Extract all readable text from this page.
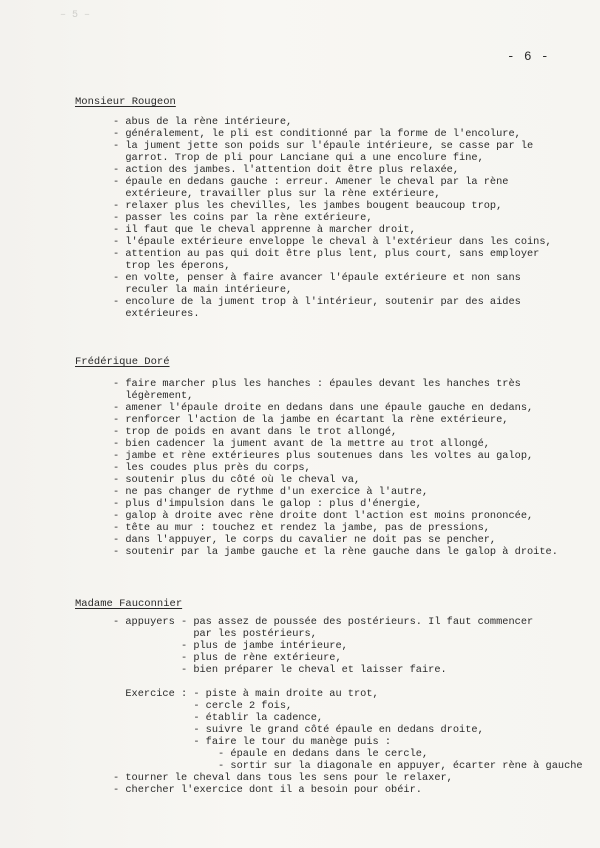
– 5 –
- 6 -
Monsieur Rougeon
- abus de la rène intérieure,
- généralement, le pli est conditionné par la forme de l'encolure,
- la jument jette son poids sur l'épaule intérieure, se casse par le
garrot. Trop de pli pour Lanciane qui a une encolure fine,
- action des jambes. l'attention doit être plus relaxée,
- épaule en dedans gauche : erreur. Amener le cheval par la rène
extérieure, travailler plus sur la rène extérieure,
- relaxer plus les chevilles, les jambes bougent beaucoup trop,
- passer les coins par la rène extérieure,
- il faut que le cheval apprenne à marcher droit,
- l'épaule extérieure enveloppe le cheval à l'extérieur dans les coins,
- attention au pas qui doit être plus lent, plus court, sans employer
trop les éperons,
- en volte, penser à faire avancer l'épaule extérieure et non sans
reculer la main intérieure,
- encolure de la jument trop à l'intérieur, soutenir par des aides
extérieures.
Frédérique Doré
- faire marcher plus les hanches : épaules devant les hanches très
légèrement,
- amener l'épaule droite en dedans dans une épaule gauche en dedans,
- renforcer l'action de la jambe en écartant la rène extérieure,
- trop de poids en avant dans le trot allongé,
- bien cadencer la jument avant de la mettre au trot allongé,
- jambe et rène extérieures plus soutenues dans les voltes au galop,
- les coudes plus près du corps,
- soutenir plus du côté où le cheval va,
- ne pas changer de rythme d'un exercice à l'autre,
- plus d'impulsion dans le galop : plus d'énergie,
- galop à droite avec rène droite dont l'action est moins prononcée,
- tête au mur : touchez et rendez la jambe, pas de pressions,
- dans l'appuyer, le corps du cavalier ne doit pas se pencher,
- soutenir par la jambe gauche et la rène gauche dans le galop à droite.
Madame Fauconnier
- appuyers - pas assez de poussée des postérieurs. Il faut commencer
par les postérieurs,
- plus de jambe intérieure,
- plus de rène extérieure,
- bien préparer le cheval et laisser faire.
Exercice : - piste à main droite au trot,
- cercle 2 fois,
- établir la cadence,
- suivre le grand côté épaule en dedans droite,
- faire le tour du manège puis :
- épaule en dedans dans le cercle,
- sortir sur la diagonale en appuyer, écarter rène à gauche
- tourner le cheval dans tous les sens pour le relaxer,
- chercher l'exercice dont il a besoin pour obéir.
